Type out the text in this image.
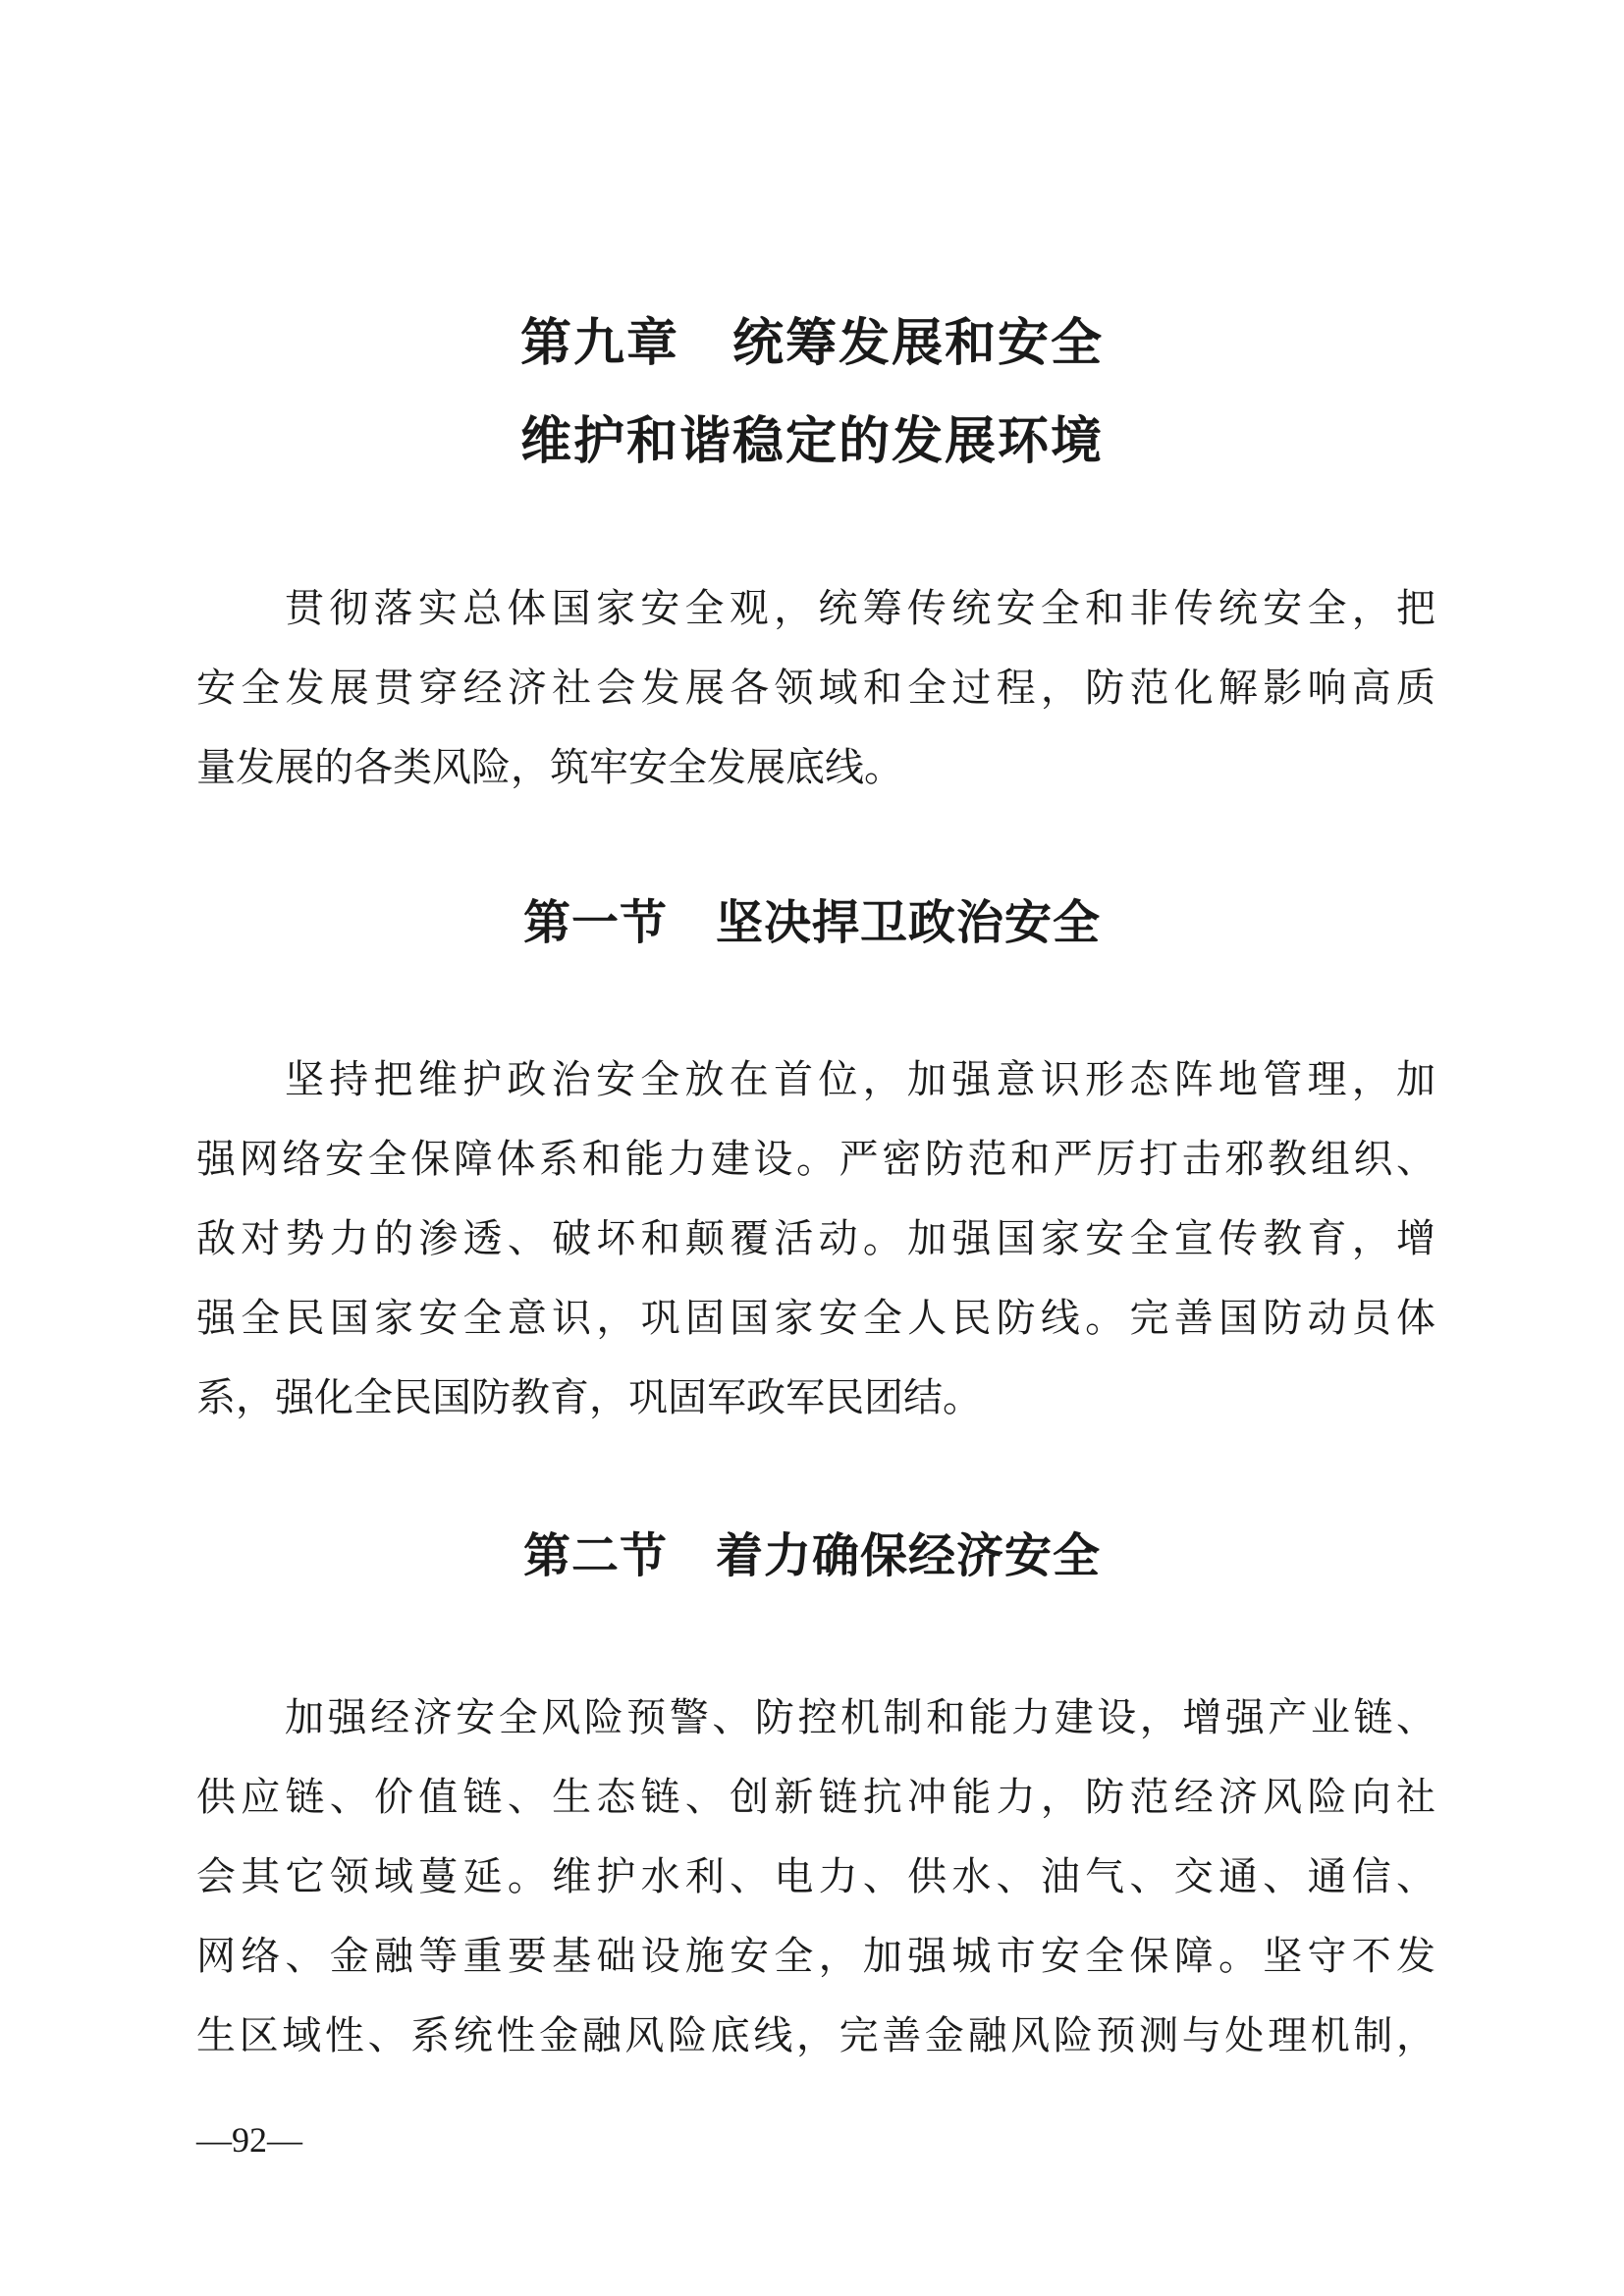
第九章　统筹发展和安全
维护和谐稳定的发展环境
贯彻落实总体国家安全观，统筹传统安全和非传统安全，把
安全发展贯穿经济社会发展各领域和全过程，防范化解影响高质
量发展的各类风险，筑牢安全发展底线。
第一节　坚决捍卫政治安全
坚持把维护政治安全放在首位，加强意识形态阵地管理，加
强网络安全保障体系和能力建设。严密防范和严厉打击邪教组织、
敌对势力的渗透、破坏和颠覆活动。加强国家安全宣传教育，增
强全民国家安全意识，巩固国家安全人民防线。完善国防动员体
系，强化全民国防教育，巩固军政军民团结。
第二节　着力确保经济安全
加强经济安全风险预警、防控机制和能力建设，增强产业链、
供应链、价值链、生态链、创新链抗冲能力，防范经济风险向社
会其它领域蔓延。维护水利、电力、供水、油气、交通、通信、
网络、金融等重要基础设施安全，加强城市安全保障。坚守不发
生区域性、系统性金融风险底线，完善金融风险预测与处理机制，
—92—
